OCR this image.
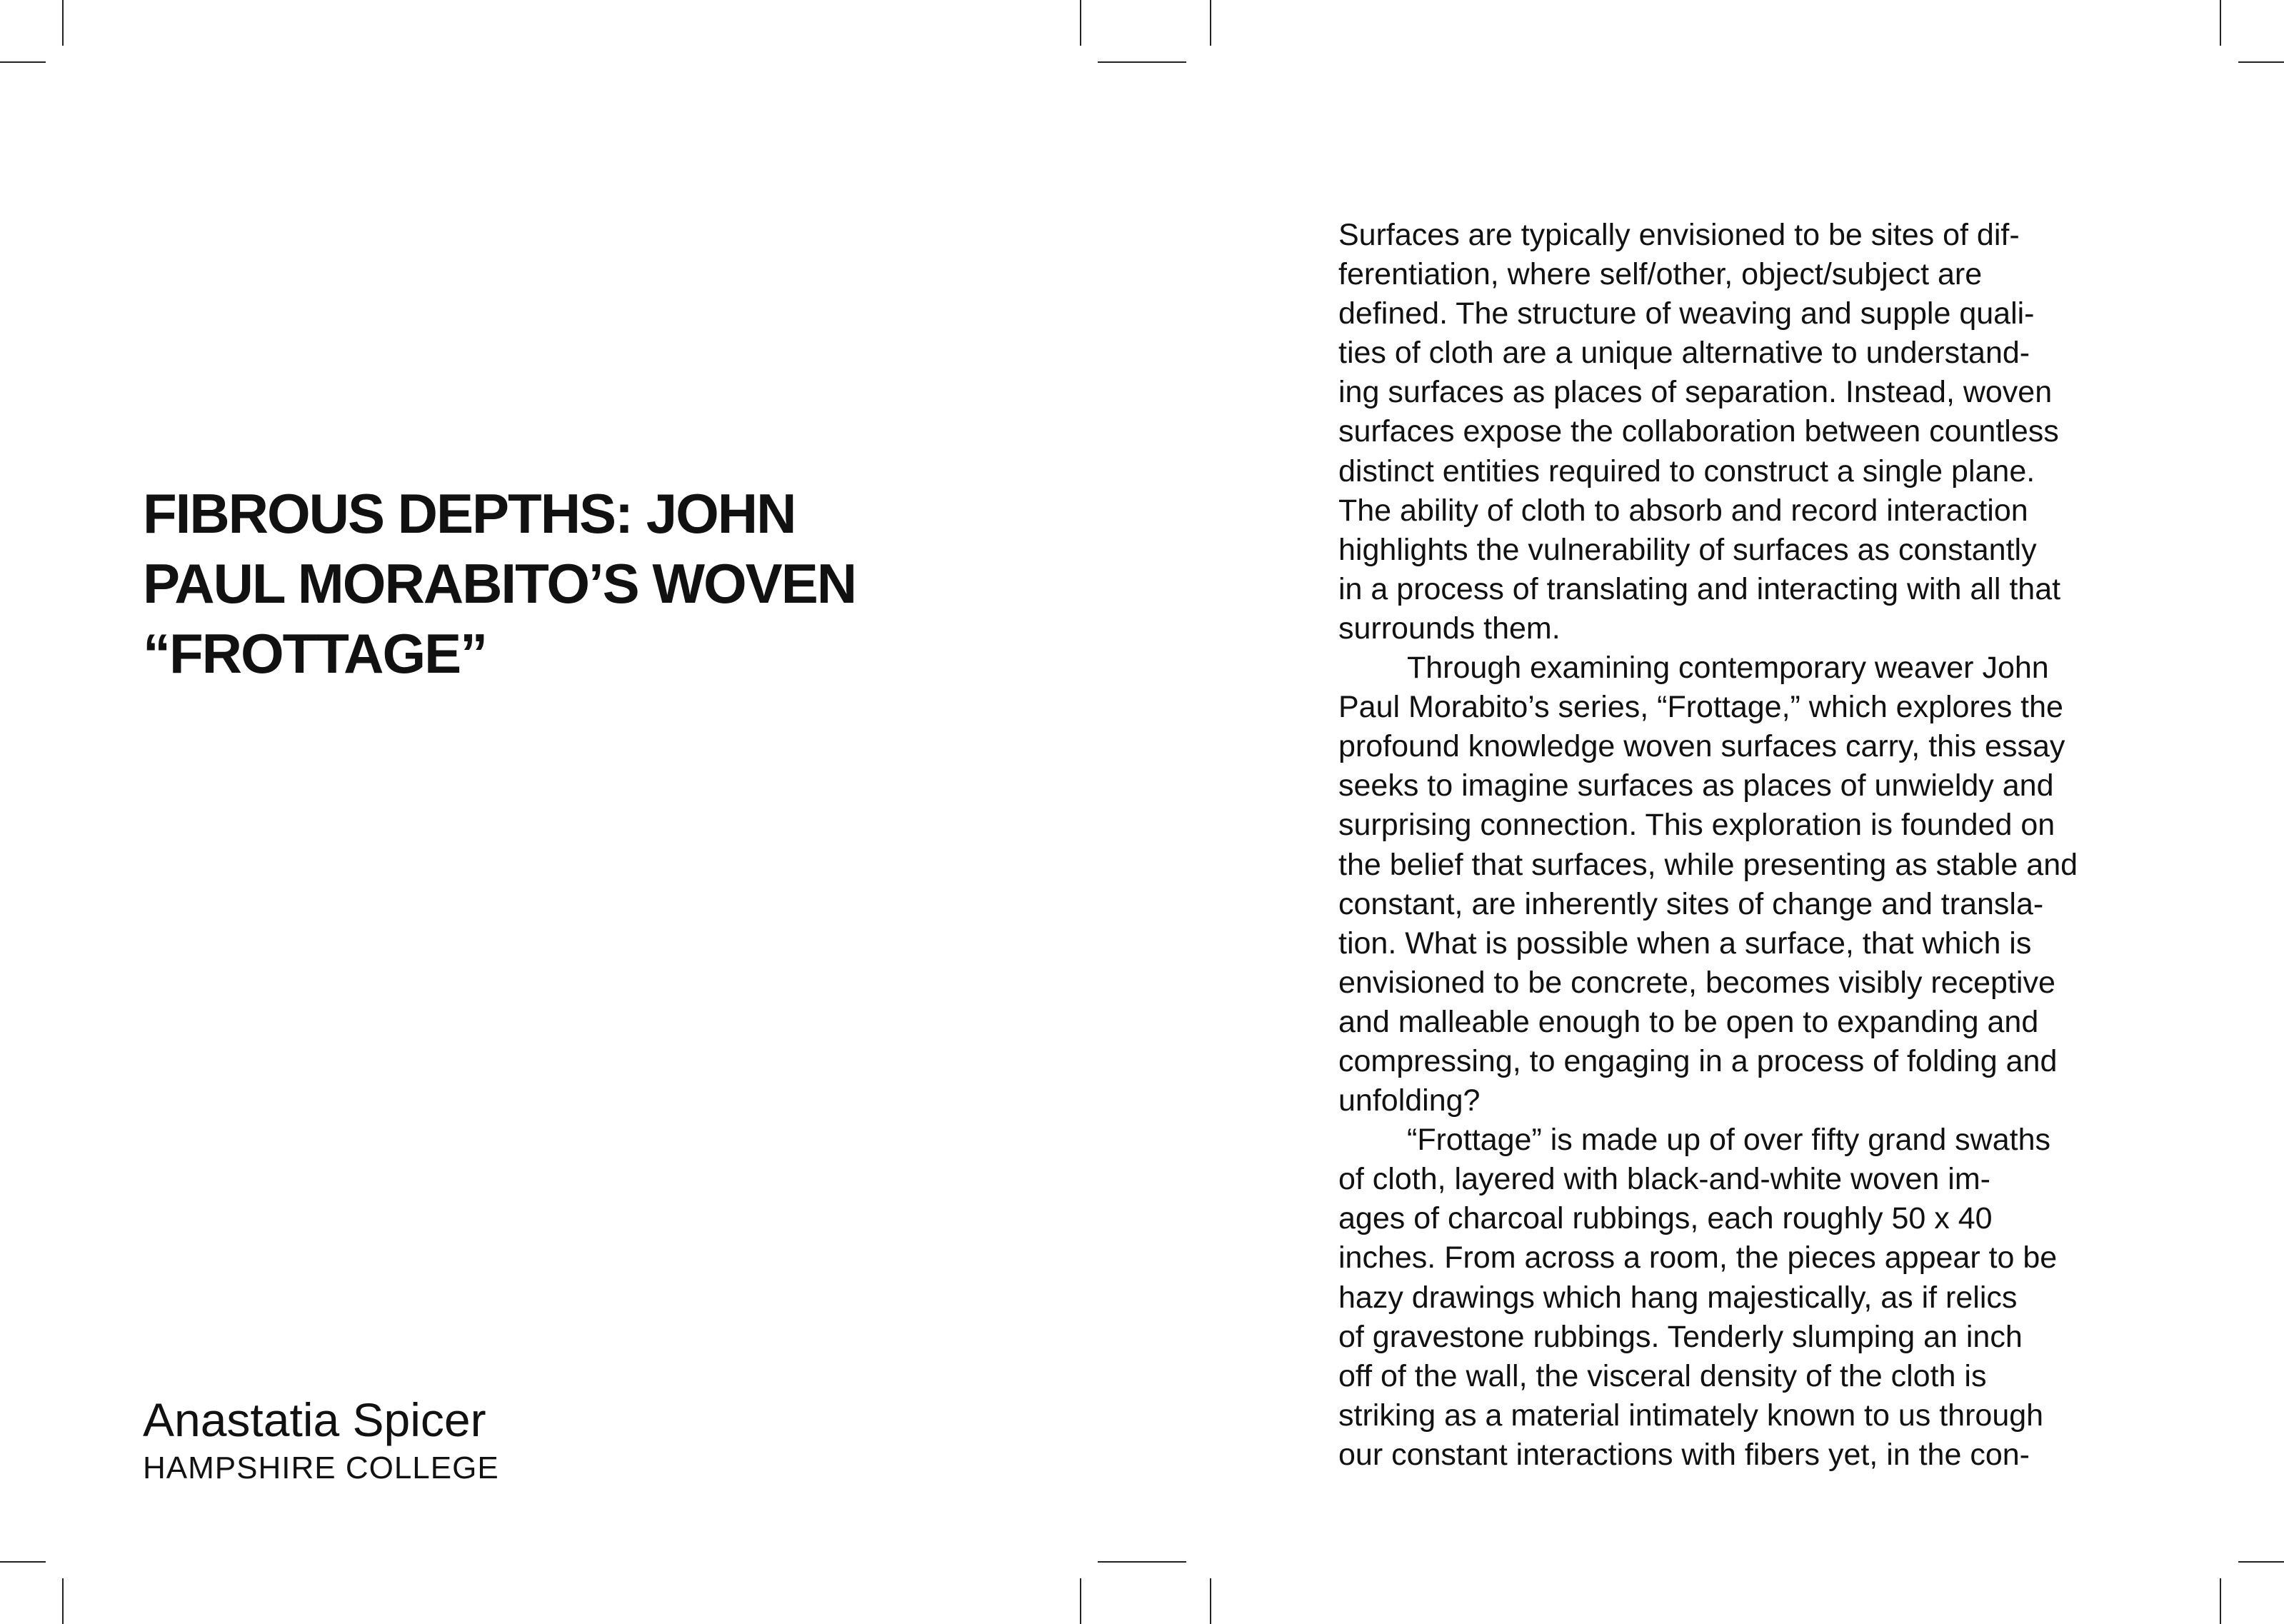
FIBROUS DEPTHS: JOHN
PAUL MORABITO’S WOVEN
“FROTTAGE”
Anastatia Spicer
HAMPSHIRE COLLEGE
Surfaces are typically envisioned to be sites of dif-
ferentiation, where self/other, object/subject are
defined. The structure of weaving and supple quali-
ties of cloth are a unique alternative to understand-
ing surfaces as places of separation. Instead, woven
surfaces expose the collaboration between countless
distinct entities required to construct a single plane.
The ability of cloth to absorb and record interaction
highlights the vulnerability of surfaces as constantly
in a process of translating and interacting with all that
surrounds them.
Through examining contemporary weaver John
Paul Morabito’s series, “Frottage,” which explores the
profound knowledge woven surfaces carry, this essay
seeks to imagine surfaces as places of unwieldy and
surprising connection. This exploration is founded on
the belief that surfaces, while presenting as stable and
constant, are inherently sites of change and transla-
tion. What is possible when a surface, that which is
envisioned to be concrete, becomes visibly receptive
and malleable enough to be open to expanding and
compressing, to engaging in a process of folding and
unfolding?
“Frottage” is made up of over fifty grand swaths
of cloth, layered with black-and-white woven im-
ages of charcoal rubbings, each roughly 50 x 40
inches. From across a room, the pieces appear to be
hazy drawings which hang majestically, as if relics
of gravestone rubbings. Tenderly slumping an inch
off of the wall, the visceral density of the cloth is
striking as a material intimately known to us through
our constant interactions with fibers yet, in the con-
